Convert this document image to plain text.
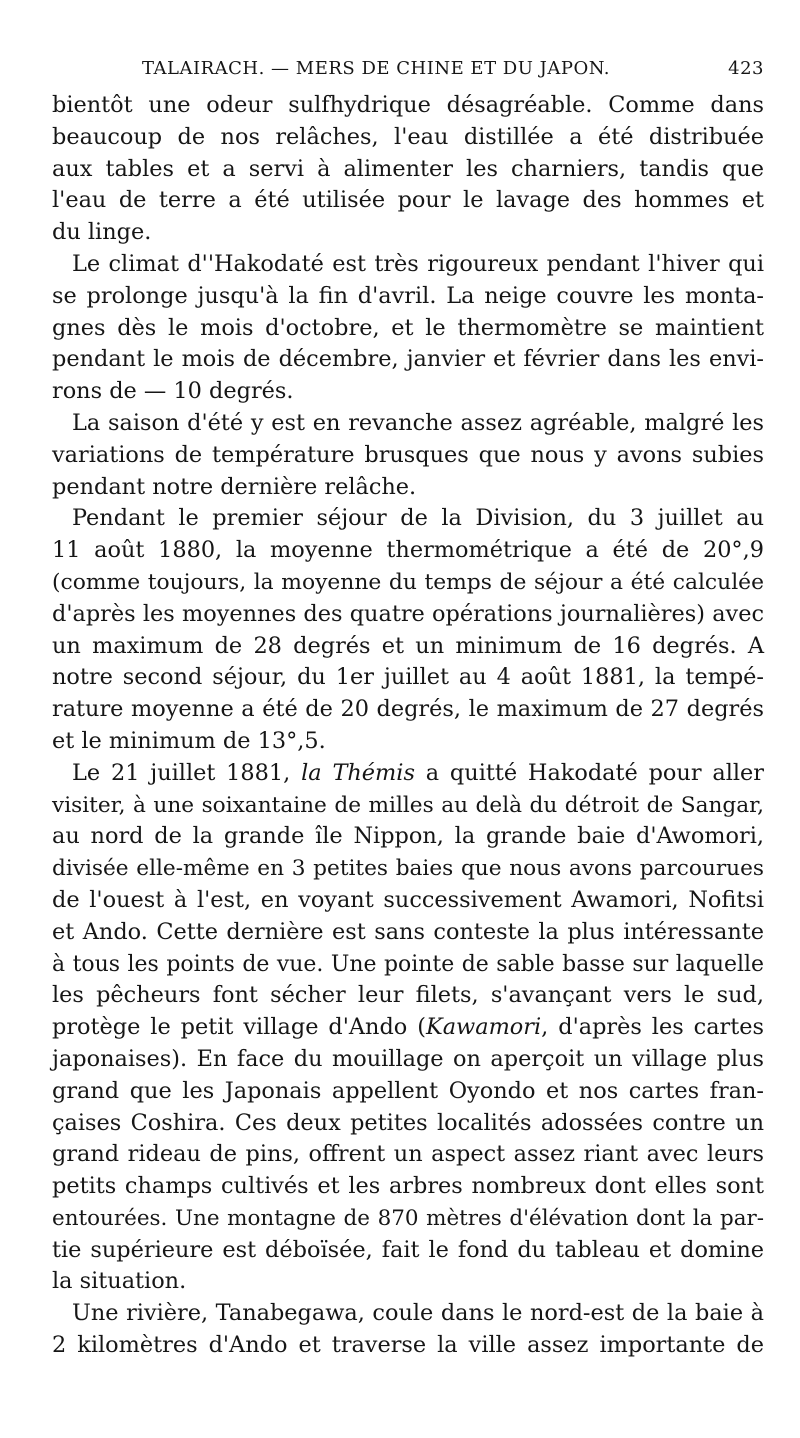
TALAIRACH. — MERS DE CHINE ET DU JAPON.	423
bientôt une odeur sulfhydrique désagréable. Comme dans
beaucoup de nos relâches, l'eau distillée a été distribuée
aux tables et a servi à alimenter les charniers, tandis que
l'eau de terre a été utilisée pour le lavage des hommes et
du linge.
Le climat d''Hakodaté est très rigoureux pendant l'hiver qui
se prolonge jusqu'à la fin d'avril. La neige couvre les monta-
gnes dès le mois d'octobre, et le thermomètre se maintient
pendant le mois de décembre, janvier et février dans les envi-
rons de — 10 degrés.
La saison d'été y est en revanche assez agréable, malgré les
variations de température brusques que nous y avons subies
pendant notre dernière relâche.
Pendant le premier séjour de la Division, du 3 juillet au
11 août 1880, la moyenne thermométrique a été de 20°,9
(comme toujours, la moyenne du temps de séjour a été calculée
d'après les moyennes des quatre opérations journalières) avec
un maximum de 28 degrés et un minimum de 16 degrés. A
notre second séjour, du 1er juillet au 4 août 1881, la tempé-
rature moyenne a été de 20 degrés, le maximum de 27 degrés
et le minimum de 13°,5.
Le 21 juillet 1881, la Thémis a quitté Hakodaté pour aller
visiter, à une soixantaine de milles au delà du détroit de Sangar,
au nord de la grande île Nippon, la grande baie d'Awomori,
divisée elle-même en 3 petites baies que nous avons parcourues
de l'ouest à l'est, en voyant successivement Awamori, Nofitsi
et Ando. Cette dernière est sans conteste la plus intéressante
à tous les points de vue. Une pointe de sable basse sur laquelle
les pêcheurs font sécher leur filets, s'avançant vers le sud,
protège le petit village d'Ando (Kawamori, d'après les cartes
japonaises). En face du mouillage on aperçoit un village plus
grand que les Japonais appellent Oyondo et nos cartes fran-
çaises Coshira. Ces deux petites localités adossées contre un
grand rideau de pins, offrent un aspect assez riant avec leurs
petits champs cultivés et les arbres nombreux dont elles sont
entourées. Une montagne de 870 mètres d'élévation dont la par-
tie supérieure est déboïsée, fait le fond du tableau et domine
la situation.
Une rivière, Tanabegawa, coule dans le nord-est de la baie à
2 kilomètres d'Ando et traverse la ville assez importante de
